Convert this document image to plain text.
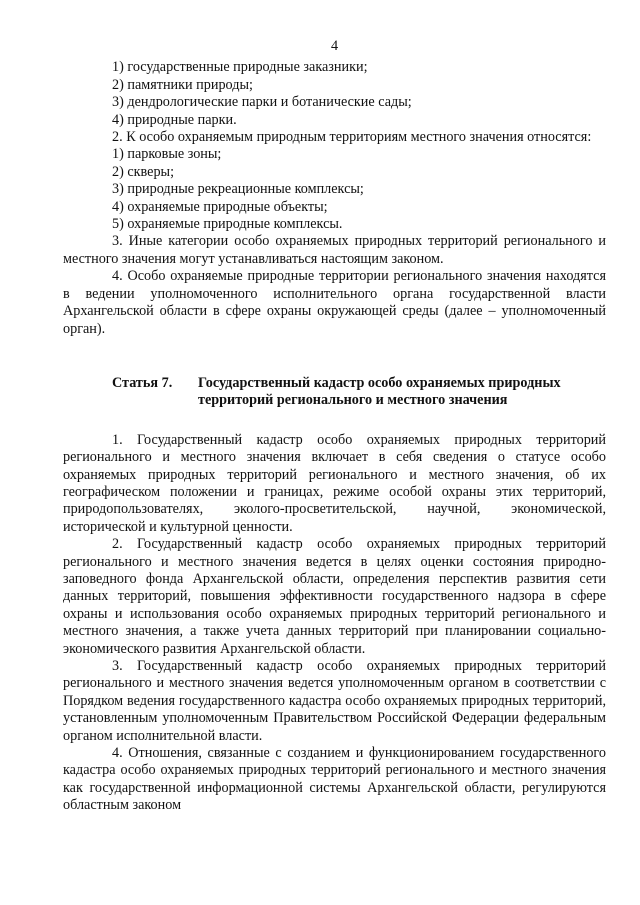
4

1) государственные природные заказники;

2) памятники природы;

3) дендрологические парки и ботанические сады;

4) природные парки.

2. К особо охраняемым природным территориям местного значения относятся:

1) парковые зоны;

2) скверы;

3) природные рекреационные комплексы;

4) охраняемые природные объекты;

5) охраняемые природные комплексы.

3. Иные категории особо охраняемых природных территорий регионального и местного значения могут устанавливаться настоящим законом.

4. Особо охраняемые природные территории регионального значения находятся в ведении уполномоченного исполнительного органа государственной власти Архангельской области в сфере охраны окружающей среды (далее – уполномоченный орган).

Статья 7.	Государственный кадастр особо охраняемых природных
территорий регионального и местного значения

1. Государственный кадастр особо охраняемых природных территорий регионального и местного значения включает в себя сведения о статусе особо охраняемых природных территорий регионального и местного значения, об их географическом положении и границах, режиме особой охраны этих территорий, природопользователях, эколого-просветительской, научной, экономической, исторической и культурной ценности.

2. Государственный кадастр особо охраняемых природных территорий регионального и местного значения ведется в целях оценки состояния природно-заповедного фонда Архангельской области, определения перспектив развития сети данных территорий, повышения эффективности государственного надзора в сфере охраны и использования особо охраняемых природных территорий регионального и местного значения, а также учета данных территорий при планировании социально-экономического развития Архангельской области.

3. Государственный кадастр особо охраняемых природных территорий регионального и местного значения ведется уполномоченным органом в соответствии с Порядком ведения государственного кадастра особо охраняемых природных территорий, установленным уполномоченным Правительством Российской Федерации федеральным органом исполнительной власти.

4. Отношения, связанные с созданием и функционированием государственного кадастра особо охраняемых природных территорий регионального и местного значения как государственной информационной системы Архангельской области, регулируются областным законом
